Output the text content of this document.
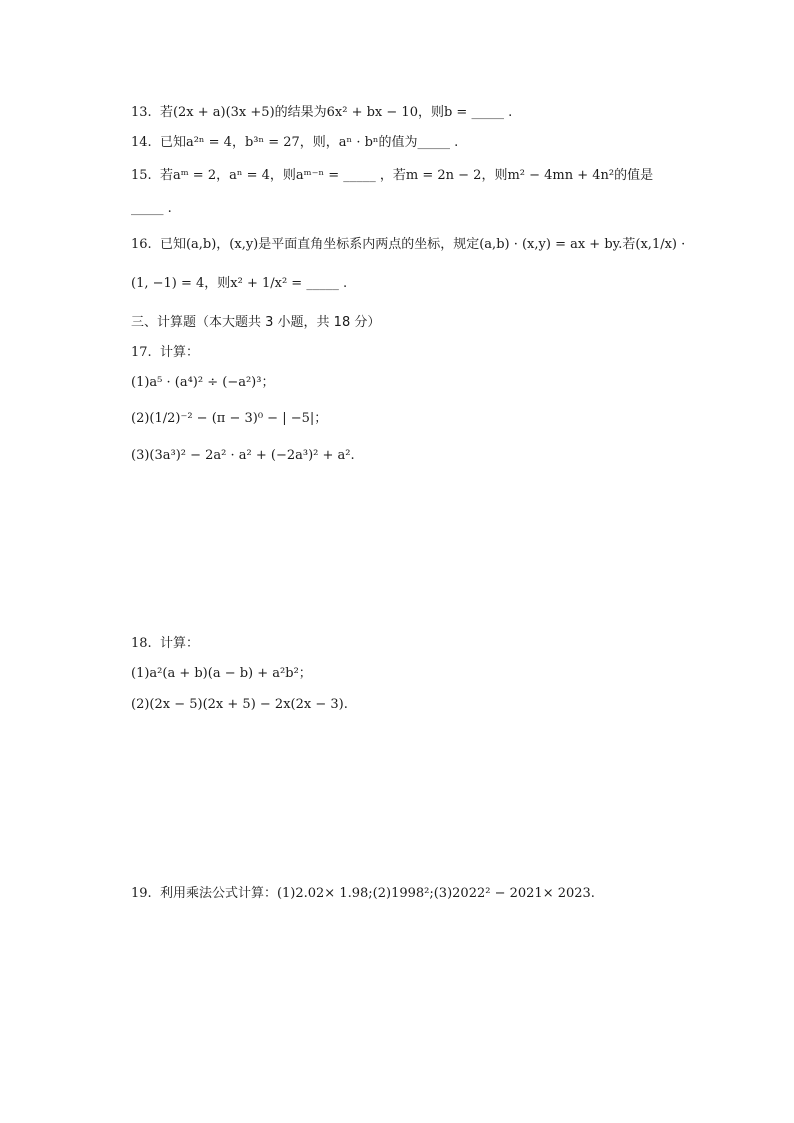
13.  若(2x + a)(3x +5)的结果为6x² + bx − 10，则b = _____ .
14.  已知a²ⁿ = 4，b³ⁿ = 27，则，aⁿ · bⁿ的值为_____ .
15.  若aᵐ = 2，aⁿ = 4，则aᵐ⁻ⁿ = _____ ，若m = 2n − 2，则m² − 4mn + 4n²的值是
_____ .
16.  已知(a,b)，(x,y)是平面直角坐标系内两点的坐标，规定(a,b) · (x,y) = ax + by.若(x,1/x) ·
(1, −1) = 4，则x² + 1/x² = _____ .
三、计算题（本大题共 3 小题，共 18 分）
17.  计算：
(1)a⁵ · (a⁴)² ÷ (−a²)³；
(2)(1/2)⁻² − (π − 3)⁰ − | −5|；
(3)(3a³)² − 2a² · a² + (−2a³)² + a².
18.  计算：
(1)a²(a + b)(a − b) + a²b²；
(2)(2x − 5)(2x + 5) − 2x(2x − 3).
19.  利用乘法公式计算：(1)2.02× 1.98;(2)1998²;(3)2022² − 2021× 2023.
